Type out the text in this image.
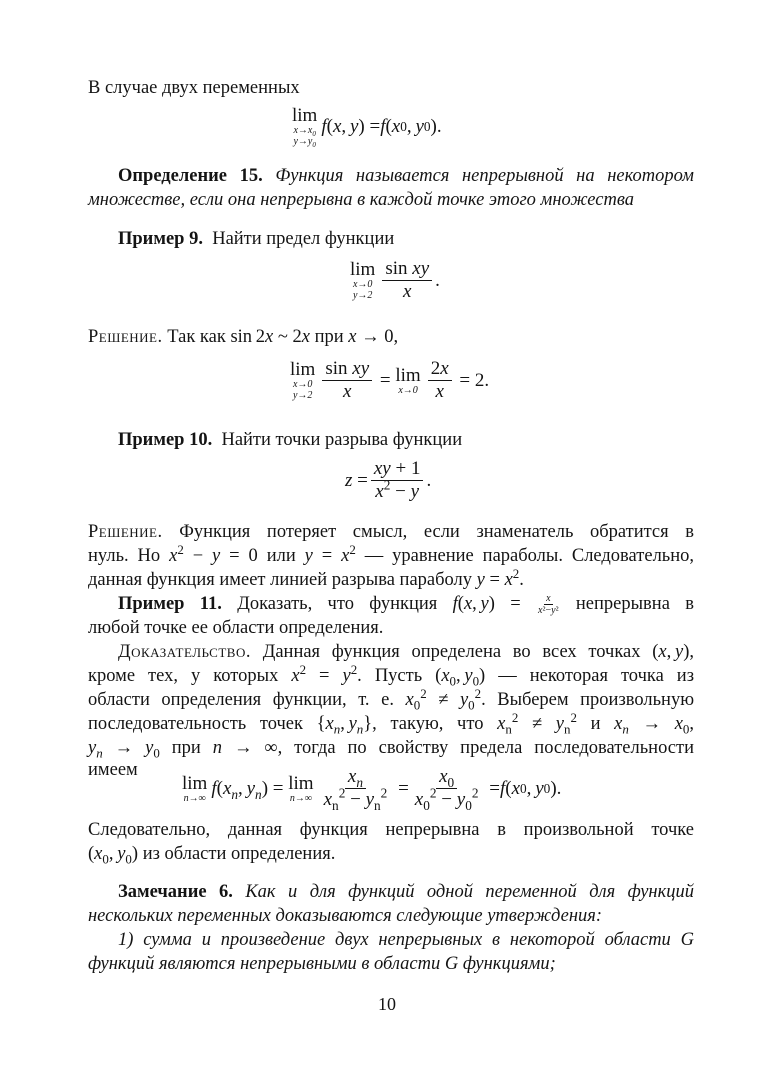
В случае двух переменных
lim
$x\to x_0$
$y\to y_0$
f ( x ,  y ) = f ( x 0 ,  y 0 ).
Определение 15. Функция называется непрерывной на некотором
множестве, если она непрерывна в каждой точке этого множества
Пример 9. Найти предел функции
lim
x→0
$y\to 2 \frac{\text{sin xy}}{x}$ .
Решение. Так как sin 2x ~ 2x при x → 0,
lim
x→0
$y\to 2 \frac{\text{sin xy}}{x} = \lim$
$x\to 0 \frac{2x}{x} = 2$.
Пример 10. Найти точки разрыва функции
$z = \frac{xy + 1}{x^2 - y}$ .
Решение. Функция потеряет смысл, если знаменатель обратится в
нуль. Но $x^2 - y = 0$ или $y = x^2$ — уравнение параболы. Следовательно,
данная функция имеет линией разрыва параболу $y = x^2$.
Пример 11. Доказать, что функция f(x, $y) = \frac{x}{\text{x²−y²}}$ непрерывна в
любой точке ее области определения.
Доказательство. Данная функция определена во всех точках (x, y),
кроме тех, у которых $x^2 = y^2$. Пусть ($x_0$, $y_0$) — некоторая точка из
области определения функции, т. е. $x_0^2 \ne y_0^2$. Выберем произвольную
последовательность точек {$x_n$, $y_n$}, такую, что $x_n^2 \ne y_n^2$ и $x_n \to x_0$,
$y_n \to y_0$ при n → ∞, тогда по свойству предела последовательности
имеем
lim
n→∞ f ( $x_n$ ,  $y_n$ ) = lim
$n\to\infty \frac{x_n}{x_n^2 - y_n^2} = \frac{x_0}{x_0^2 - y_0^2} = f$ ( x 0 ,  y 0 ).
Следовательно, данная функция непрерывна в произвольной точке
($x_0$, $y_0$) из области определения.
Замечание 6. Как и для функций одной переменной для функций
нескольких переменных доказываются следующие утверждения:
1) сумма и произведение двух непрерывных в некоторой области G
функций являются непрерывными в области G функциями;
10
